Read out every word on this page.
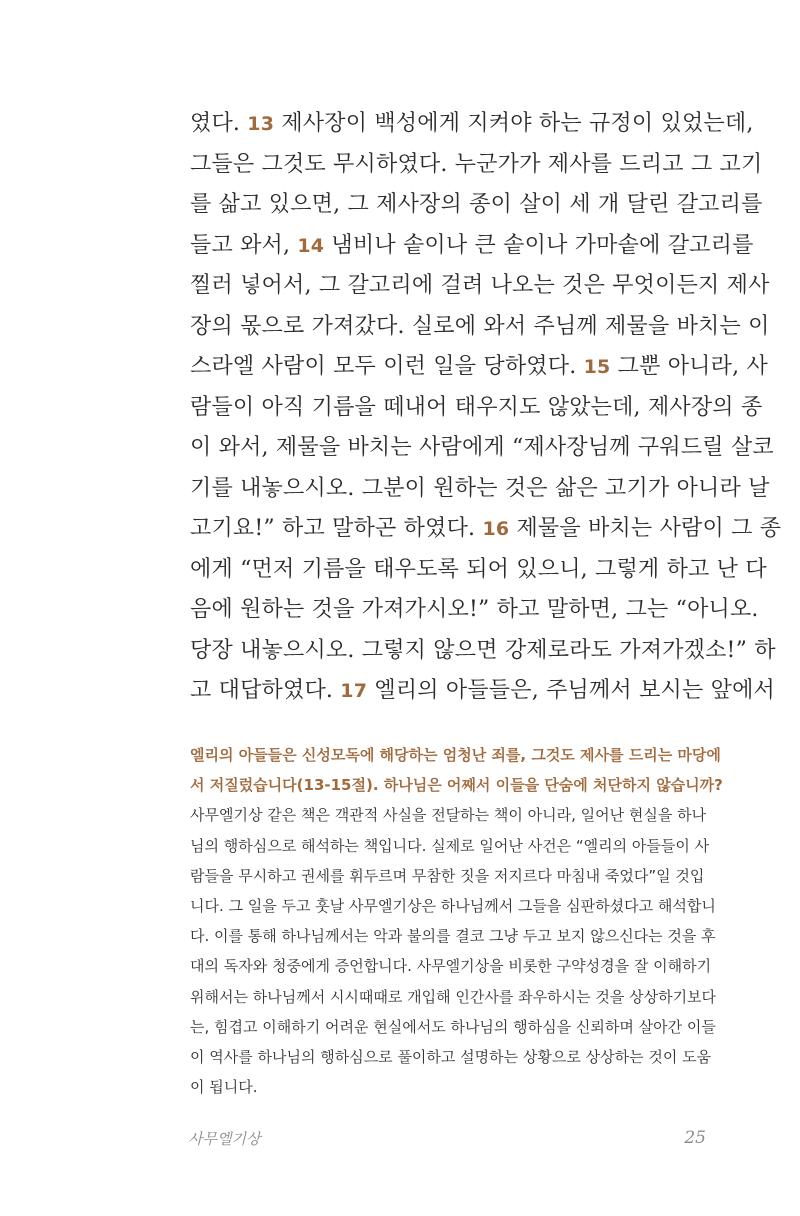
였다. 13 제사장이 백성에게 지켜야 하는 규정이 있었는데,
그들은 그것도 무시하였다. 누군가가 제사를 드리고 그 고기
를 삶고 있으면, 그 제사장의 종이 살이 세 개 달린 갈고리를
들고 와서, 14 냄비나 솥이나 큰 솥이나 가마솥에 갈고리를
찔러 넣어서, 그 갈고리에 걸려 나오는 것은 무엇이든지 제사
장의 몫으로 가져갔다. 실로에 와서 주님께 제물을 바치는 이
스라엘 사람이 모두 이런 일을 당하였다. 15 그뿐 아니라, 사
람들이 아직 기름을 떼내어 태우지도 않았는데, 제사장의 종
이 와서, 제물을 바치는 사람에게 “제사장님께 구워드릴 살코
기를 내놓으시오. 그분이 원하는 것은 삶은 고기가 아니라 날
고기요!” 하고 말하곤 하였다. 16 제물을 바치는 사람이 그 종
에게 “먼저 기름을 태우도록 되어 있으니, 그렇게 하고 난 다
음에 원하는 것을 가져가시오!” 하고 말하면, 그는 “아니오.
당장 내놓으시오. 그렇지 않으면 강제로라도 가져가겠소!” 하
고 대답하였다. 17 엘리의 아들들은, 주님께서 보시는 앞에서
엘리의 아들들은 신성모독에 해당하는 엄청난 죄를, 그것도 제사를 드리는 마당에
서 저질렀습니다(13-15절). 하나님은 어째서 이들을 단숨에 처단하지 않습니까?
사무엘기상 같은 책은 객관적 사실을 전달하는 책이 아니라, 일어난 현실을 하나
님의 행하심으로 해석하는 책입니다. 실제로 일어난 사건은 “엘리의 아들들이 사
람들을 무시하고 권세를 휘두르며 무참한 짓을 저지르다 마침내 죽었다”일 것입
니다. 그 일을 두고 훗날 사무엘기상은 하나님께서 그들을 심판하셨다고 해석합니
다. 이를 통해 하나님께서는 악과 불의를 결코 그냥 두고 보지 않으신다는 것을 후
대의 독자와 청중에게 증언합니다. 사무엘기상을 비롯한 구약성경을 잘 이해하기
위해서는 하나님께서 시시때때로 개입해 인간사를 좌우하시는 것을 상상하기보다
는, 힘겹고 이해하기 어려운 현실에서도 하나님의 행하심을 신뢰하며 살아간 이들
이 역사를 하나님의 행하심으로 풀이하고 설명하는 상황으로 상상하는 것이 도움
이 됩니다.
사무엘기상	25
